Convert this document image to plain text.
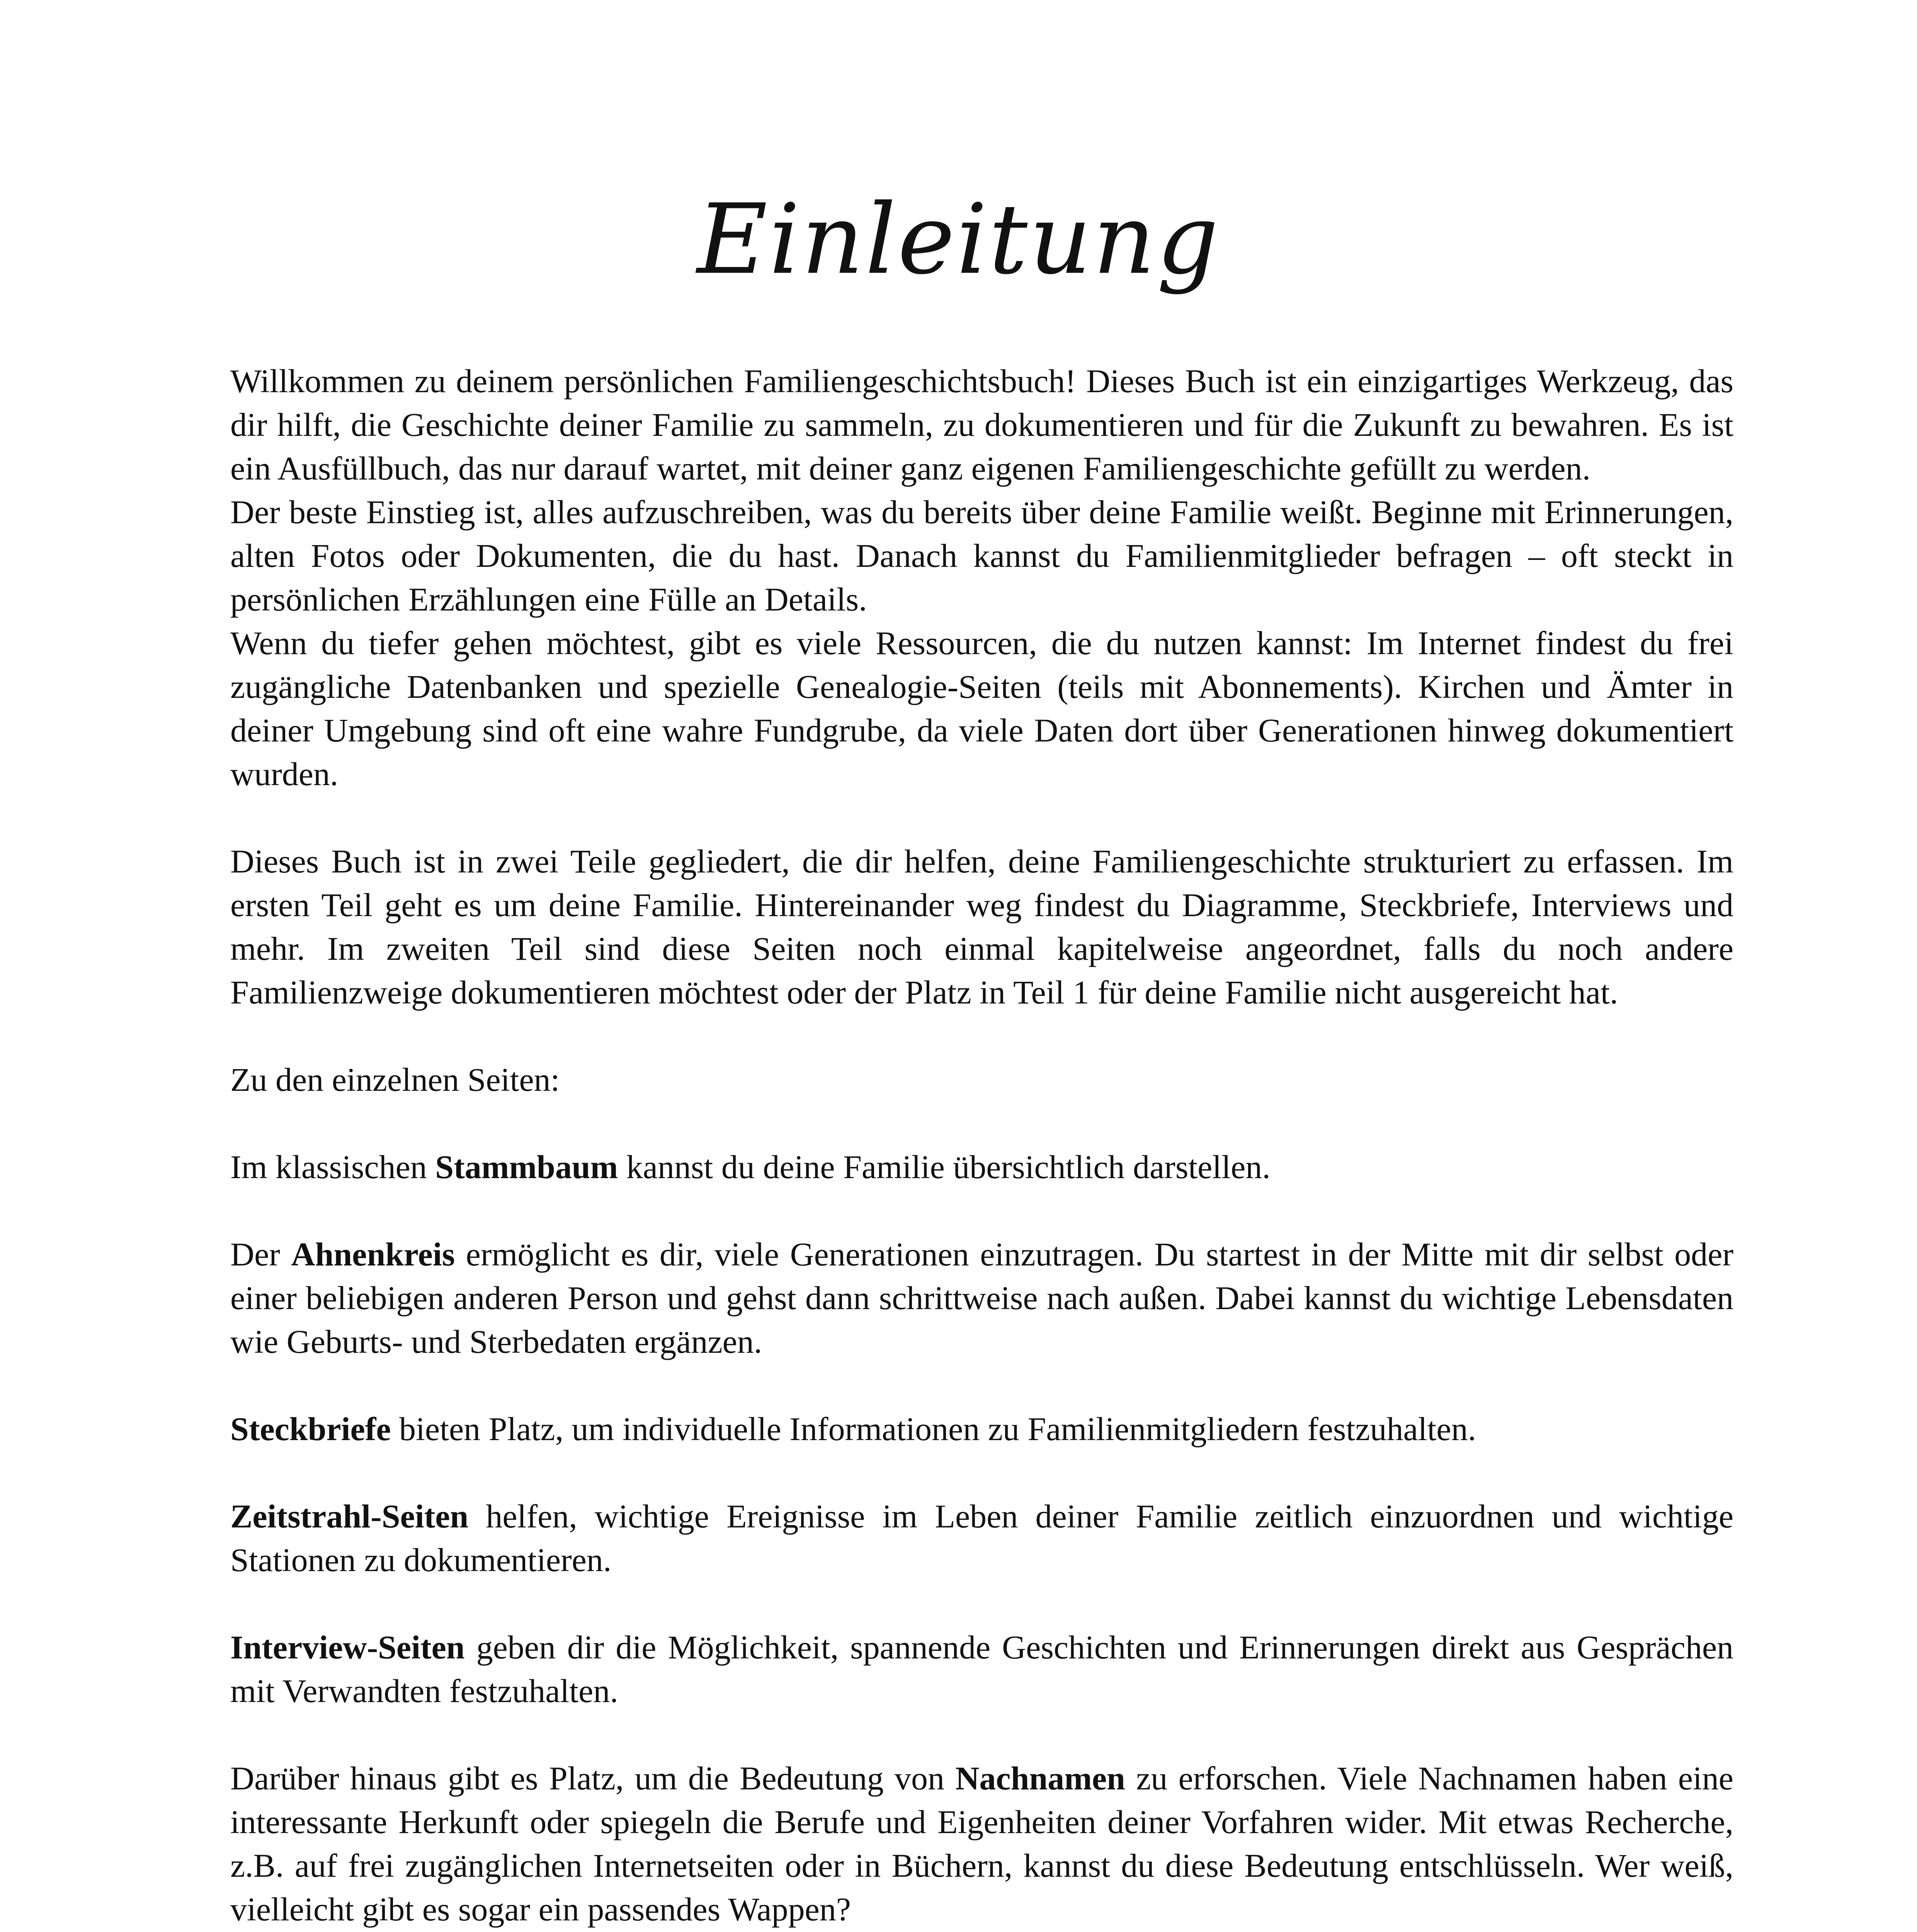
Einleitung

Willkommen zu deinem persönlichen Familiengeschichtsbuch! Dieses Buch ist ein einzigartiges Werkzeug, das dir hilft, die Geschichte deiner Familie zu sammeln, zu dokumentieren und für die Zukunft zu bewahren. Es ist ein Ausfüllbuch, das nur darauf wartet, mit deiner ganz eigenen Familiengeschichte gefüllt zu werden.

Der beste Einstieg ist, alles aufzuschreiben, was du bereits über deine Familie weißt. Beginne mit Erinnerungen, alten Fotos oder Dokumenten, die du hast. Danach kannst du Familienmitglieder befragen – oft steckt in persönlichen Erzählungen eine Fülle an Details.

Wenn du tiefer gehen möchtest, gibt es viele Ressourcen, die du nutzen kannst: Im Internet findest du frei zugängliche Datenbanken und spezielle Genealogie-Seiten (teils mit Abonnements). Kirchen und Ämter in deiner Umgebung sind oft eine wahre Fundgrube, da viele Daten dort über Generationen hinweg dokumentiert wurden.

Dieses Buch ist in zwei Teile gegliedert, die dir helfen, deine Familiengeschichte strukturiert zu erfassen. Im ersten Teil geht es um deine Familie. Hintereinander weg findest du Diagramme, Steckbriefe, Interviews und mehr. Im zweiten Teil sind diese Seiten noch einmal kapitelweise angeordnet, falls du noch andere Familienzweige dokumentieren möchtest oder der Platz in Teil 1 für deine Familie nicht ausgereicht hat.

Zu den einzelnen Seiten:

Im klassischen Stammbaum kannst du deine Familie übersichtlich darstellen.

Der Ahnenkreis ermöglicht es dir, viele Generationen einzutragen. Du startest in der Mitte mit dir selbst oder einer beliebigen anderen Person und gehst dann schrittweise nach außen. Dabei kannst du wichtige Lebensdaten wie Geburts- und Sterbedaten ergänzen.

Steckbriefe bieten Platz, um individuelle Informationen zu Familienmitgliedern festzuhalten.

Zeitstrahl-Seiten helfen, wichtige Ereignisse im Leben deiner Familie zeitlich einzuordnen und wichtige Stationen zu dokumentieren.

Interview-Seiten geben dir die Möglichkeit, spannende Geschichten und Erinnerungen direkt aus Gesprächen mit Verwandten festzuhalten.

Darüber hinaus gibt es Platz, um die Bedeutung von Nachnamen zu erforschen. Viele Nachnamen haben eine interessante Herkunft oder spiegeln die Berufe und Eigenheiten deiner Vorfahren wider. Mit etwas Recherche, z.B. auf frei zugänglichen Internetseiten oder in Büchern, kannst du diese Bedeutung entschlüsseln. Wer weiß, vielleicht gibt es sogar ein passendes Wappen?
